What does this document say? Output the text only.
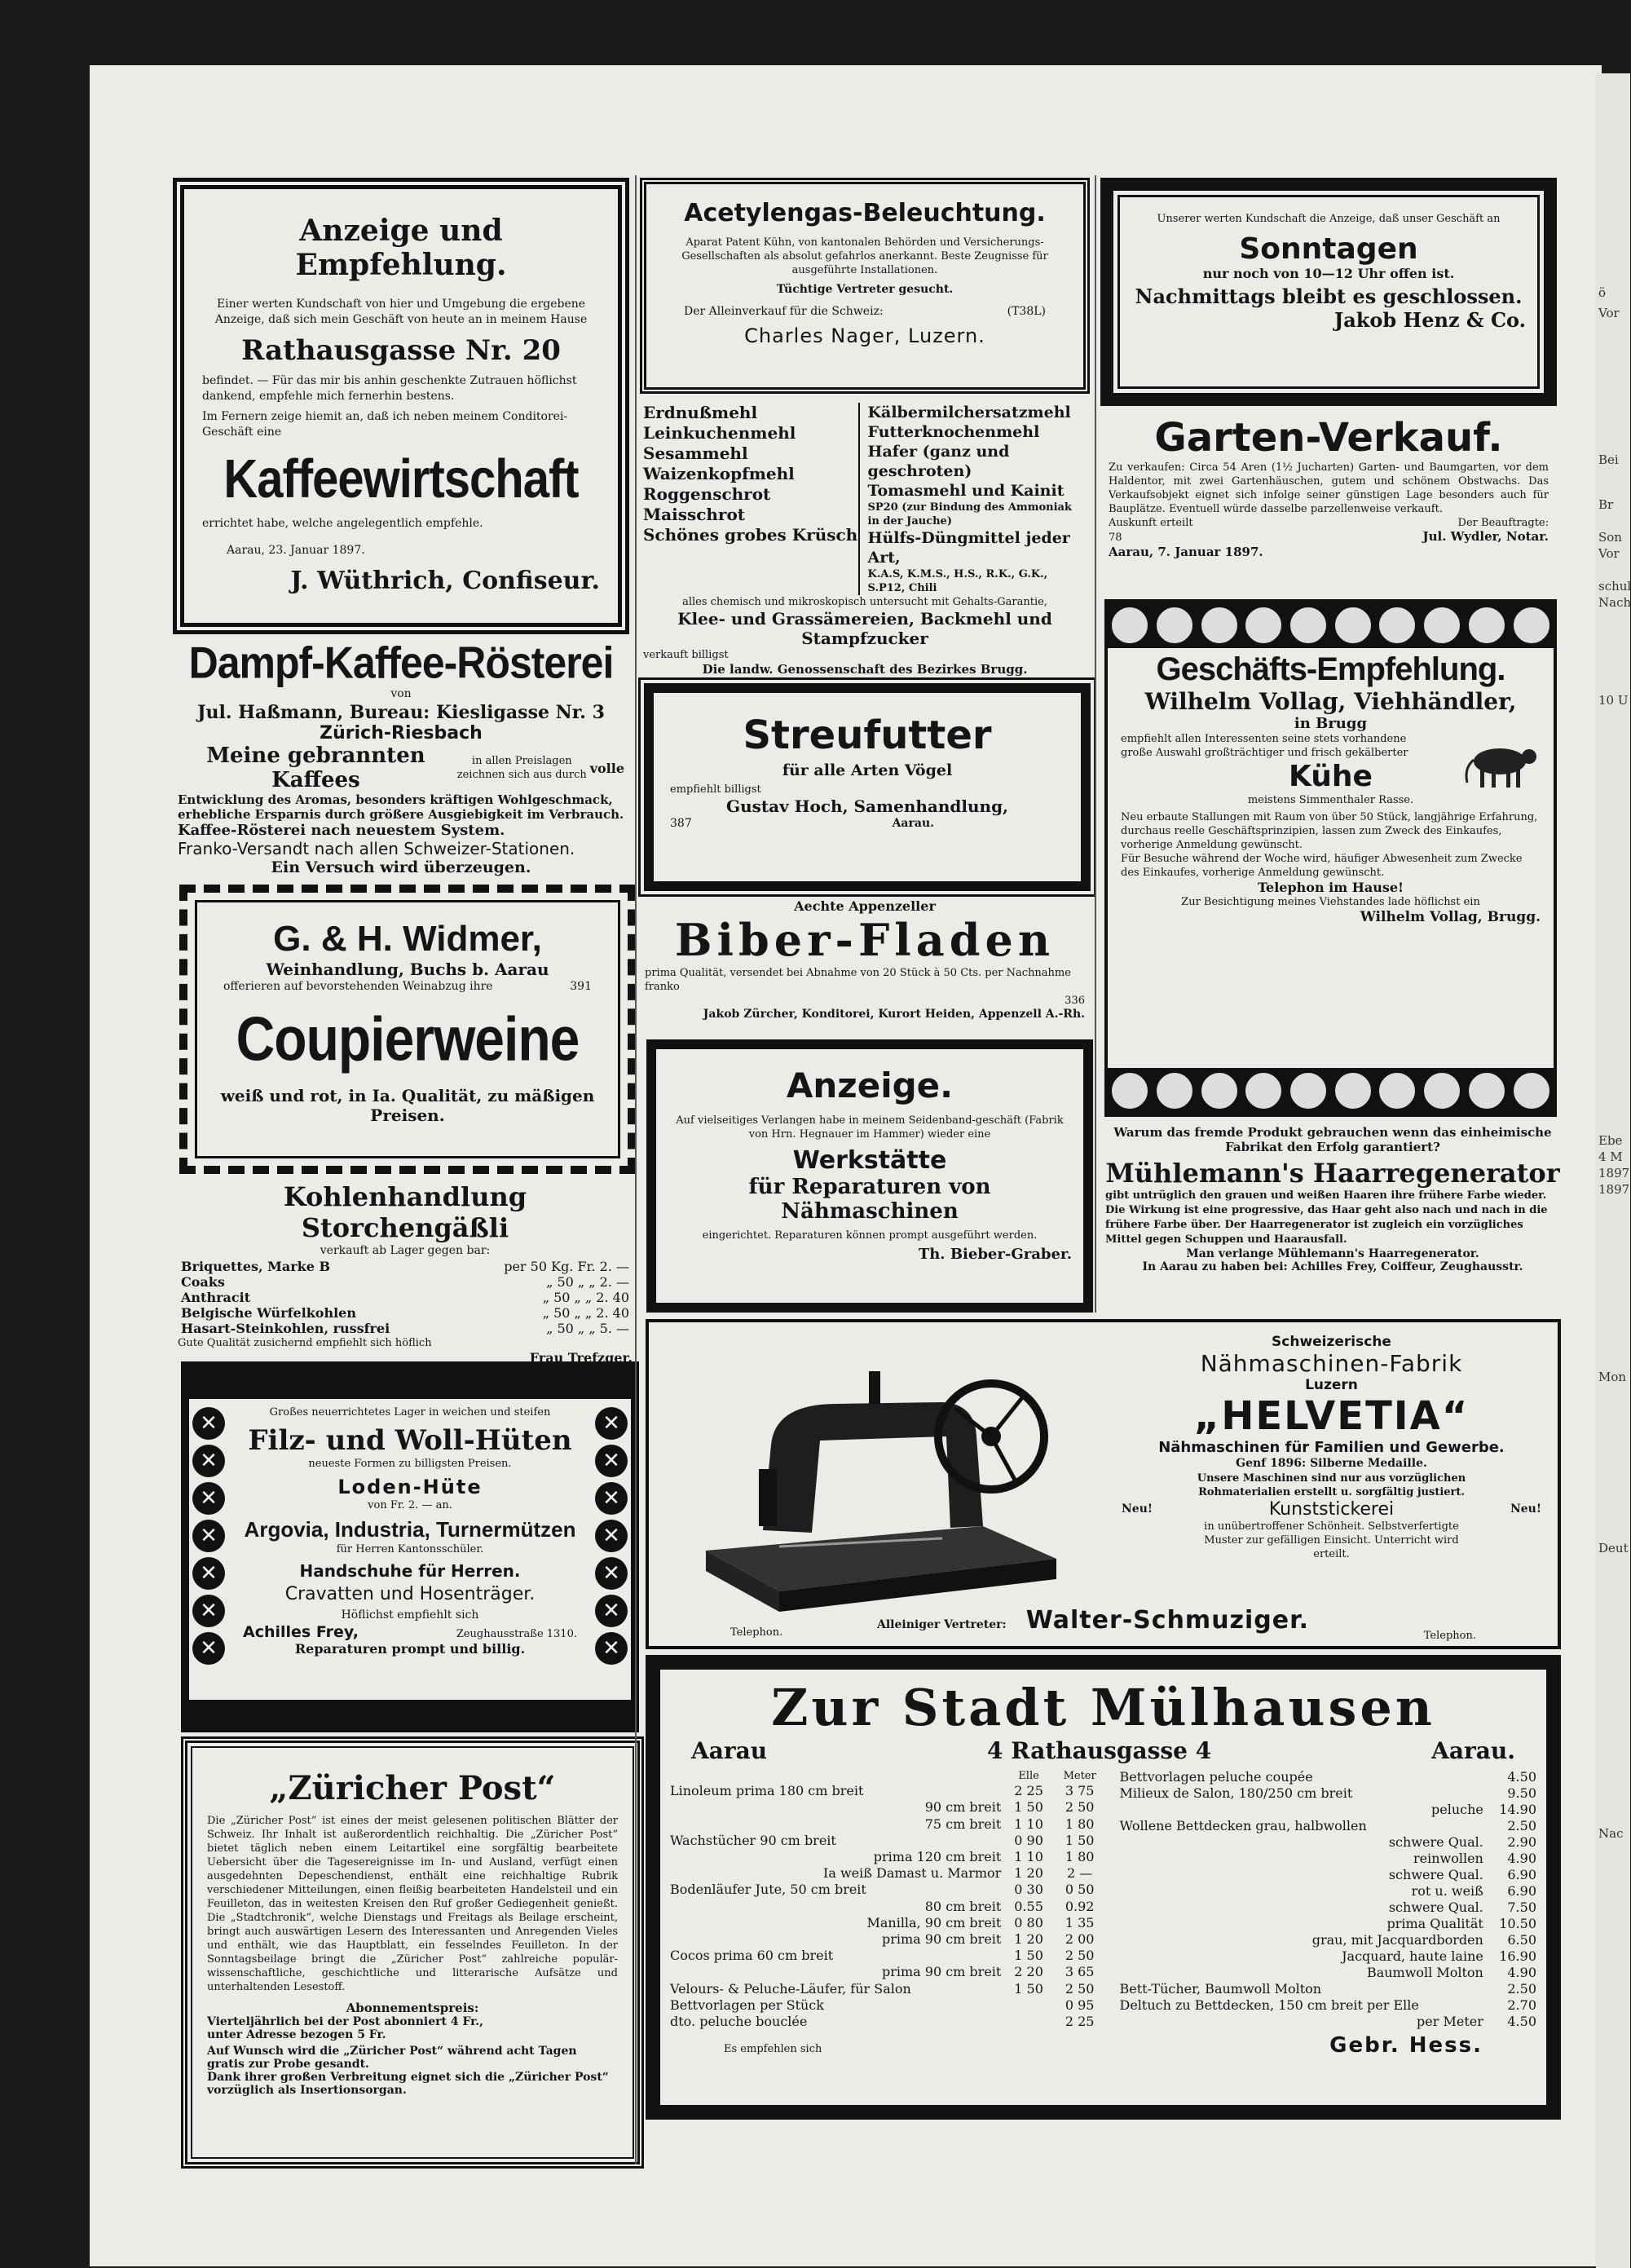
ö
Vor
Bei
Br
Son
Vor
schul
Nach
10 U
1897
Ebe
4 M
1897
Mon
Deut
Nac
Anzeige und Empfehlung.
Einer werten Kundschaft von hier und Umgebung die ergebene Anzeige, daß sich mein Geschäft von heute an in meinem Hause
Rathausgasse Nr. 20
befindet. — Für das mir bis anhin geschenkte Zutrauen höflichst dankend, empfehle mich fernerhin bestens.
Im Fernern zeige hiemit an, daß ich neben meinem Conditorei-Geschäft eine
Kaffeewirtschaft
errichtet habe, welche angelegentlich empfehle.
Aarau, 23. Januar 1897.
J. Wüthrich, Confiseur.
Dampf-Kaffee-Rösterei
von
Jul. Haßmann, Bureau: Kiesligasse Nr. 3
Zürich-Riesbach
Meine gebrannten Kaffees
in allen Preislagen zeichnen sich aus durch volle
Entwicklung des Aromas, besonders kräftigen Wohlgeschmack,
erhebliche Ersparnis durch größere Ausgiebigkeit im Verbrauch.
Kaffee-Rösterei nach neuestem System.
Franko-Versandt nach allen Schweizer-Stationen.
Ein Versuch wird überzeugen.
G. & H. Widmer,
Weinhandlung, Buchs b. Aarau
offerieren auf bevorstehenden Weinabzug ihre	391
Coupierweine
weiß und rot, in Ia. Qualität, zu mäßigen Preisen.
Kohlenhandlung Storchengäßli
verkauft ab Lager gegen bar:
Briquettes, Marke B	per 50 Kg. Fr. 2. —
Coaks	„ 50 „ „ 2. —
Anthracit	„ 50 „ „ 2. 40
Belgische Würfelkohlen	„ 50 „ „ 2. 40
Hasart-Steinkohlen, russfrei	„ 50 „ „ 5. —
Gute Qualität zusichernd empfiehlt sich höflich
Frau Trefzger.
✕
✕
✕
✕
✕
✕
✕
✕
✕
✕
✕
✕
✕
✕
Großes neuerrichtetes Lager in weichen und steifen
Filz- und Woll-Hüten
neueste Formen zu billigsten Preisen.
Loden-Hüte
von Fr. 2. — an.
Argovia, Industria, Turnermützen
für Herren Kantonsschüler.
Handschuhe für Herren.
Cravatten und Hosenträger.
Höflichst empfiehlt sich
Achilles Frey,	Zeughausstraße 1310.
Reparaturen prompt und billig.
„Züricher Post“
Die „Züricher Post“ ist eines der meist gelesenen politischen Blätter der Schweiz. Ihr Inhalt ist außerordentlich reichhaltig. Die „Züricher Post“ bietet täglich neben einem Leitartikel eine sorgfältig bearbeitete Uebersicht über die Tagesereignisse im In- und Ausland, verfügt einen ausgedehnten Depeschendienst, enthält eine reichhaltige Rubrik verschiedener Mitteilungen, einen fleißig bearbeiteten Handelsteil und ein Feuilleton, das in weitesten Kreisen den Ruf großer Gediegenheit genießt. Die „Stadtchronik“, welche Dienstags und Freitags als Beilage erscheint, bringt auch auswärtigen Lesern des Interessanten und Anregenden Vieles und enthält, wie das Hauptblatt, ein fesselndes Feuilleton. In der Sonntagsbeilage bringt die „Züricher Post“ zahlreiche populär-wissenschaftliche, geschichtliche und litterarische Aufsätze und unterhaltenden Lesestoff.
Abonnementspreis:
Vierteljährlich bei der Post abonniert 4 Fr.,
unter Adresse bezogen 5 Fr.
Auf Wunsch wird die „Züricher Post“ während acht Tagen gratis zur Probe gesandt.
Dank ihrer großen Verbreitung eignet sich die „Züricher Post“ vorzüglich als Insertionsorgan.
Acetylengas-Beleuchtung.
Aparat Patent Kühn, von kantonalen Behörden und Versicherungs-Gesellschaften als absolut gefahrlos anerkannt. Beste Zeugnisse für ausgeführte Installationen.
Tüchtige Vertreter gesucht.
Der Alleinverkauf für die Schweiz:	(T38L)
Charles Nager, Luzern.
Erdnußmehl
Leinkuchenmehl
Sesammehl
Waizenkopfmehl
Roggenschrot
Maisschrot
Schönes grobes Krüsch
Kälbermilchersatzmehl
Futterknochenmehl
Hafer (ganz und geschroten)
Tomasmehl und Kainit
SP20 (zur Bindung des Ammoniak in der Jauche)
Hülfs-Düngmittel jeder Art,
K.A.S, K.M.S., H.S., R.K., G.K., S.P12, Chili
alles chemisch und mikroskopisch untersucht mit Gehalts-Garantie,
Klee- und Grassämereien, Backmehl und Stampfzucker
verkauft billigst
Die landw. Genossenschaft des Bezirkes Brugg.
Streufutter
für alle Arten Vögel
empfiehlt billigst
Gustav Hoch, Samenhandlung,
387	Aarau.
Aechte Appenzeller
Biber-Fladen
prima Qualität, versendet bei Abnahme von 20 Stück à 50 Cts. per Nachnahme franko
336
Jakob Zürcher, Konditorei, Kurort Heiden, Appenzell A.-Rh.
Anzeige.
Auf vielseitiges Verlangen habe in meinem Seidenband-geschäft (Fabrik von Hrn. Hegnauer im Hammer) wieder eine
Werkstätte
für Reparaturen von Nähmaschinen
eingerichtet. Reparaturen können prompt ausgeführt werden.
Th. Bieber-Graber.
Telephon.
Schweizerische
Nähmaschinen-Fabrik
Luzern
„HELVETIA“
Nähmaschinen für Familien und Gewerbe.
Genf 1896: Silberne Medaille.
Unsere Maschinen sind nur aus vorzüglichen Rohmaterialien erstellt u. sorgfältig justiert.
Neu!	Kunststickerei	Neu!
in unübertroffener Schönheit. Selbstverfertigte Muster zur gefälligen Einsicht. Unterricht wird erteilt.
Alleiniger Vertreter: Walter-Schmuziger.
Telephon.
Zur Stadt Mülhausen
Aarau	4 Rathausgasse 4	Aarau.
	Elle	Meter
Linoleum prima 180 cm breit	2 25	3 75
90 cm breit	1 50	2 50
75 cm breit	1 10	1 80
Wachstücher 90 cm breit	0 90	1 50
prima 120 cm breit	1 10	1 80
Ia weiß Damast u. Marmor	1 20	2 —
Bodenläufer Jute, 50 cm breit	0 30	0 50
80 cm breit	0.55	0.92
Manilla, 90 cm breit	0 80	1 35
prima 90 cm breit	1 20	2 00
Cocos prima 60 cm breit	1 50	2 50
prima 90 cm breit	2 20	3 65
Velours- & Peluche-Läufer, für Salon	1 50	2 50
Bettvorlagen per Stück		0 95
dto. peluche bouclée		2 25
Bettvorlagen peluche coupée	4.50
Milieux de Salon, 180/250 cm breit	9.50
peluche	14.90
Wollene Bettdecken grau, halbwollen	2.50
schwere Qual.	2.90
reinwollen	4.90
schwere Qual.	6.90
rot u. weiß	6.90
schwere Qual.	7.50
prima Qualität	10.50
grau, mit Jacquardborden	6.50
Jacquard, haute laine	16.90
Baumwoll Molton	4.90
Bett-Tücher, Baumwoll Molton	2.50
Deltuch zu Bettdecken, 150 cm breit per Elle	2.70
per Meter	4.50
Es empfehlen sich	Gebr. Hess.
Unserer werten Kundschaft die Anzeige, daß unser Geschäft an
Sonntagen
nur noch von 10—12 Uhr offen ist.
Nachmittags bleibt es geschlossen.
Jakob Henz & Co.
Garten-Verkauf.
Zu verkaufen: Circa 54 Aren (1½ Jucharten) Garten- und Baumgarten, vor dem Haldentor, mit zwei Gartenhäuschen, gutem und schönem Obstwachs. Das Verkaufsobjekt eignet sich infolge seiner günstigen Lage besonders auch für Bauplätze. Eventuell würde dasselbe parzellenweise verkauft.
Auskunft erteilt	Der Beauftragte:
78	Jul. Wydler, Notar.
Aarau, 7. Januar 1897.
Geschäfts-Empfehlung.
Wilhelm Vollag, Viehhändler,
in Brugg
empfiehlt allen Interessenten seine stets vorhandene große Auswahl großträchtiger und frisch gekälberter
Kühe
meistens Simmenthaler Rasse.
Neu erbaute Stallungen mit Raum von über 50 Stück, langjährige Erfahrung, durchaus reelle Geschäftsprinzipien, lassen zum Zweck des Einkaufes, vorherige Anmeldung gewünscht.
Für Besuche während der Woche wird, häufiger Abwesenheit zum Zwecke des Einkaufes, vorherige Anmeldung gewünscht.
Telephon im Hause!
Zur Besichtigung meines Viehstandes lade höflichst ein
Wilhelm Vollag, Brugg.
Warum das fremde Produkt gebrauchen wenn das einheimische Fabrikat den Erfolg garantiert?
Mühlemann's Haarregenerator
gibt untrüglich den grauen und weißen Haaren ihre frühere Farbe wieder. Die Wirkung ist eine progressive, das Haar geht also nach und nach in die frühere Farbe über. Der Haarregenerator ist zugleich ein vorzügliches Mittel gegen Schuppen und Haarausfall.
Man verlange Mühlemann's Haarregenerator.
In Aarau zu haben bei: Achilles Frey, Coiffeur, Zeughausstr.
